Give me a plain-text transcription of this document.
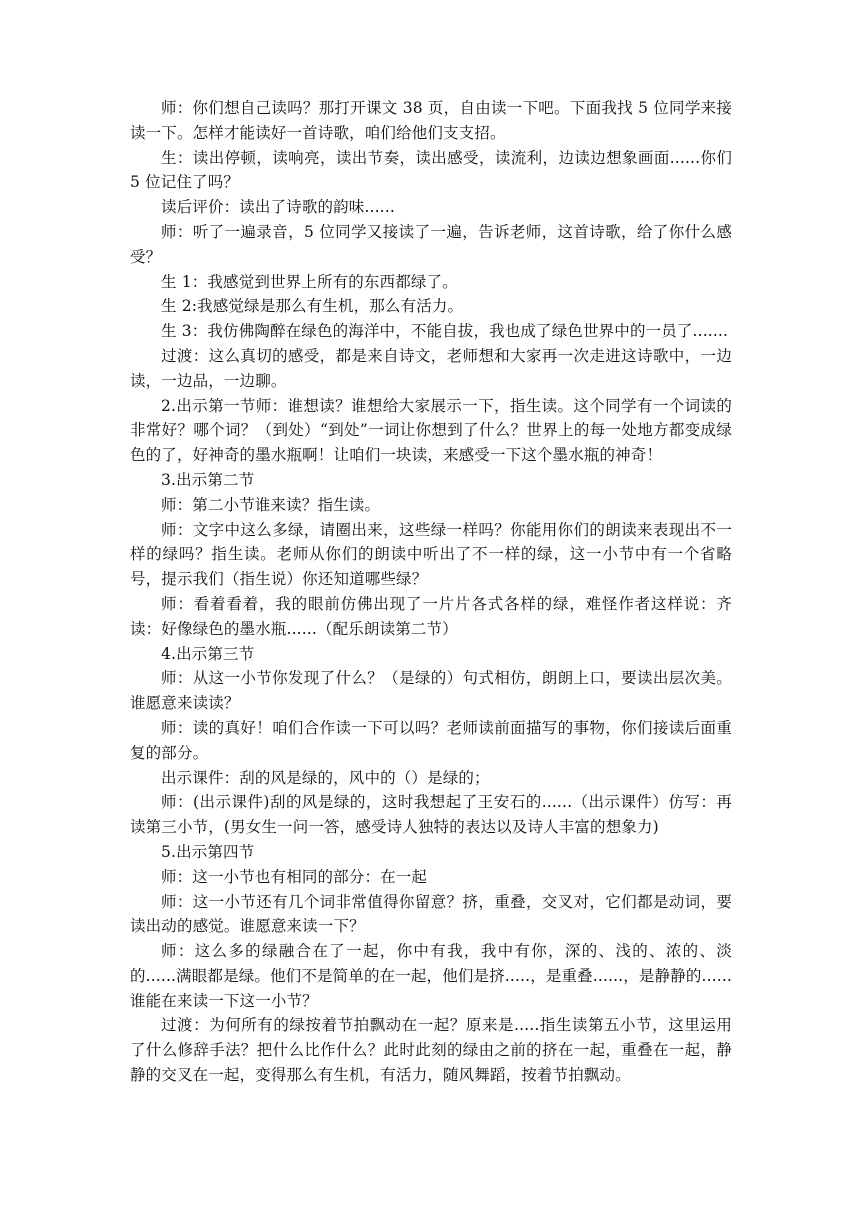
师：你们想自己读吗？那打开课文 38 页，自由读一下吧。下面我找 5 位同学来接读一下。怎样才能读好一首诗歌，咱们给他们支支招。

生：读出停顿，读响亮，读出节奏，读出感受，读流利，边读边想象画面......你们 5 位记住了吗？

读后评价：读出了诗歌的韵味......

师：听了一遍录音，5 位同学又接读了一遍，告诉老师，这首诗歌，给了你什么感受？

生 1：我感觉到世界上所有的东西都绿了。

生 2:我感觉绿是那么有生机，那么有活力。

生 3：我仿佛陶醉在绿色的海洋中，不能自拔，我也成了绿色世界中的一员了.......

过渡：这么真切的感受，都是来自诗文，老师想和大家再一次走进这诗歌中，一边读，一边品，一边聊。

2.出示第一节师：谁想读？谁想给大家展示一下，指生读。这个同学有一个词读的非常好？哪个词？（到处）“到处”一词让你想到了什么？世界上的每一处地方都变成绿色的了，好神奇的墨水瓶啊！让咱们一块读，来感受一下这个墨水瓶的神奇！

3.出示第二节

师：第二小节谁来读？指生读。

师：文字中这么多绿，请圈出来，这些绿一样吗？你能用你们的朗读来表现出不一样的绿吗？指生读。老师从你们的朗读中听出了不一样的绿，这一小节中有一个省略号，提示我们（指生说）你还知道哪些绿？

师：看着看着，我的眼前仿佛出现了一片片各式各样的绿，难怪作者这样说：齐读：好像绿色的墨水瓶......（配乐朗读第二节）

4.出示第三节

师：从这一小节你发现了什么？（是绿的）句式相仿，朗朗上口，要读出层次美。谁愿意来读读？

师：读的真好！咱们合作读一下可以吗？老师读前面描写的事物，你们接读后面重复的部分。

出示课件：刮的风是绿的，风中的（）是绿的；

师：(出示课件)刮的风是绿的，这时我想起了王安石的......（出示课件）仿写：再读第三小节，(男女生一问一答，感受诗人独特的表达以及诗人丰富的想象力)

5.出示第四节

师：这一小节也有相同的部分：在一起

师：这一小节还有几个词非常值得你留意？挤，重叠，交叉对，它们都是动词，要读出动的感觉。谁愿意来读一下？

师：这么多的绿融合在了一起，你中有我，我中有你，深的、浅的、浓的、淡的......满眼都是绿。他们不是简单的在一起，他们是挤.....，是重叠......，是静静的......谁能在来读一下这一小节？

过渡：为何所有的绿按着节拍飘动在一起？原来是.....指生读第五小节，这里运用了什么修辞手法？把什么比作什么？此时此刻的绿由之前的挤在一起，重叠在一起，静静的交叉在一起，变得那么有生机，有活力，随风舞蹈，按着节拍飘动。
